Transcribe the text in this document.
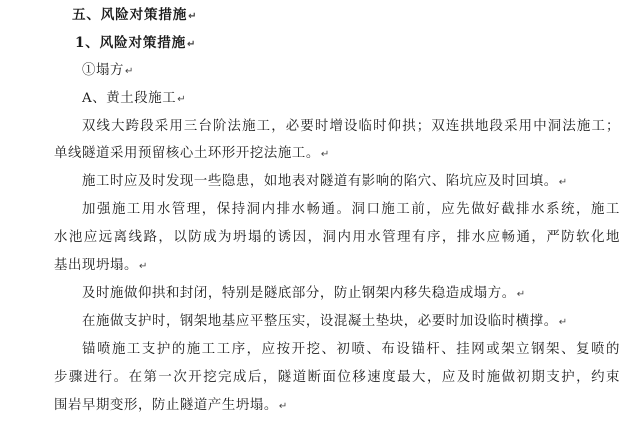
五、风险对策措施↵
1、风险对策措施↵
①塌方↵
A、黄土段施工↵
双线大跨段采用三台阶法施工，必要时增设临时仰拱；双连拱地段采用中洞法施工；
单线隧道采用预留核心土环形开挖法施工。↵
施工时应及时发现一些隐患，如地表对隧道有影响的陷穴、陷坑应及时回填。↵
加强施工用水管理，保持洞内排水畅通。洞口施工前，应先做好截排水系统，施工
水池应远离线路，以防成为坍塌的诱因，洞内用水管理有序，排水应畅通，严防软化地
基出现坍塌。↵
及时施做仰拱和封闭，特别是隧底部分，防止钢架内移失稳造成塌方。↵
在施做支护时，钢架地基应平整压实，设混凝土垫块，必要时加设临时横撑。↵
锚喷施工支护的施工工序，应按开挖、初喷、布设锚杆、挂网或架立钢架、复喷的
步骤进行。在第一次开挖完成后，隧道断面位移速度最大，应及时施做初期支护，约束
围岩早期变形，防止隧道产生坍塌。↵
